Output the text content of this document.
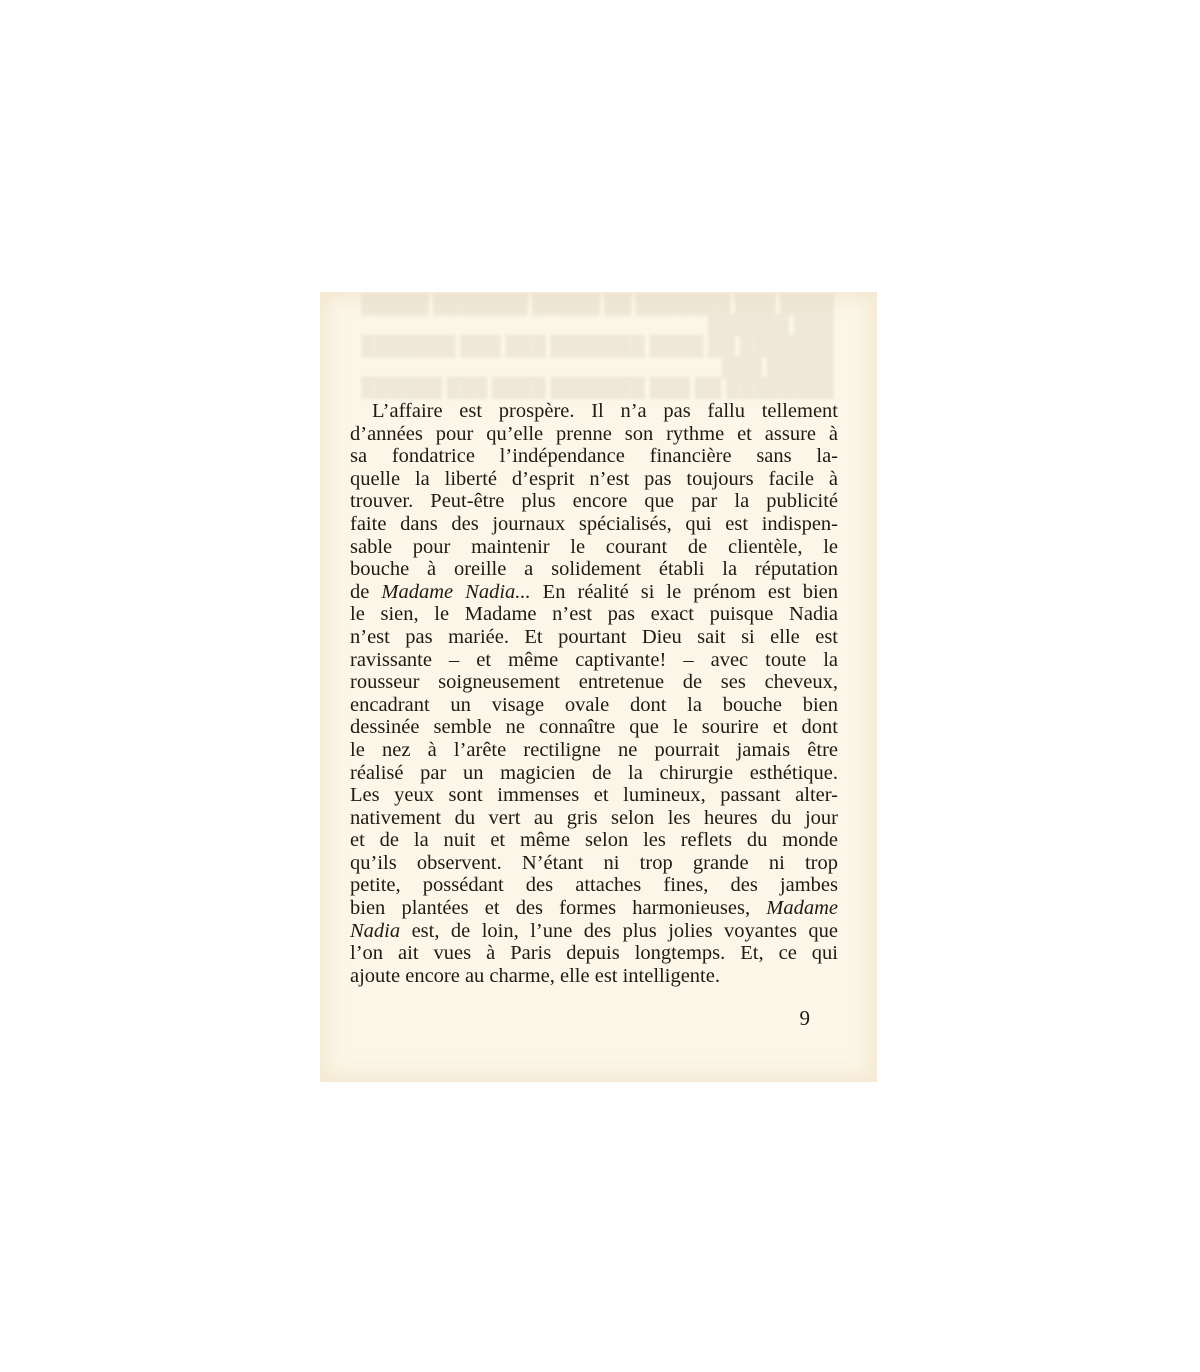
████ ███ ███████ ██ █████ ███████ █████ ███ ██████
███████ ██ ████ ███████ ███ ███ ███████ █████ ███
████████ ██ ███ ███████ ████ ███ ██████

L’affaire est prospère. Il n’a pas fallu tellement
d’années pour qu’elle prenne son rythme et assure à
sa fondatrice l’indépendance financière sans la-
quelle la liberté d’esprit n’est pas toujours facile à
trouver. Peut-être plus encore que par la publicité
faite dans des journaux spécialisés, qui est indispen-
sable pour maintenir le courant de clientèle, le
bouche à oreille a solidement établi la réputation
de Madame Nadia... En réalité si le prénom est bien
le sien, le Madame n’est pas exact puisque Nadia
n’est pas mariée. Et pourtant Dieu sait si elle est
ravissante – et même captivante! – avec toute la
rousseur soigneusement entretenue de ses cheveux,
encadrant un visage ovale dont la bouche bien
dessinée semble ne connaître que le sourire et dont
le nez à l’arête rectiligne ne pourrait jamais être
réalisé par un magicien de la chirurgie esthétique.
Les yeux sont immenses et lumineux, passant alter-
nativement du vert au gris selon les heures du jour
et de la nuit et même selon les reflets du monde
qu’ils observent. N’étant ni trop grande ni trop
petite, possédant des attaches fines, des jambes
bien plantées et des formes harmonieuses, Madame
Nadia est, de loin, l’une des plus jolies voyantes que
l’on ait vues à Paris depuis longtemps. Et, ce qui
ajoute encore au charme, elle est intelligente.
9
